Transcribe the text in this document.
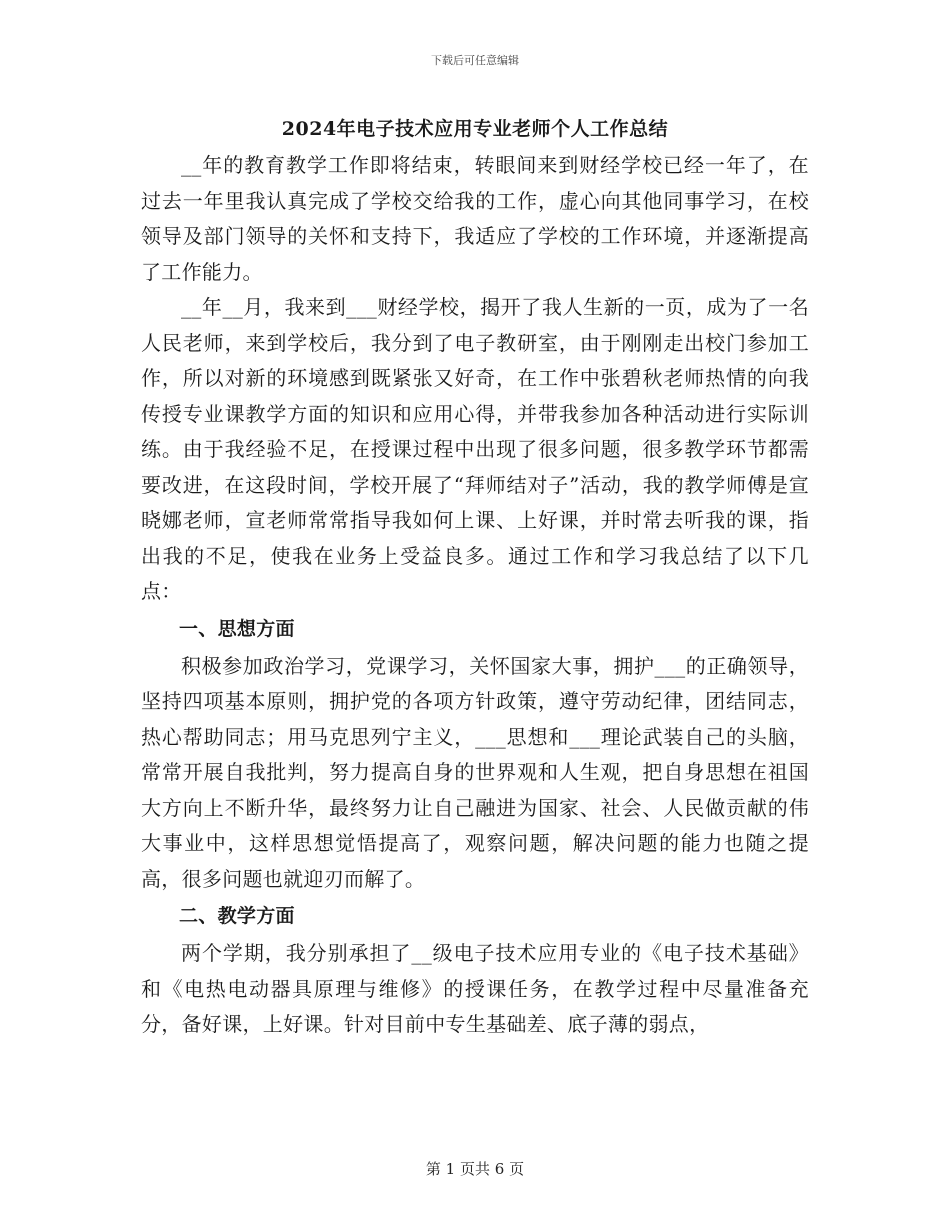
下载后可任意编辑
2024年电子技术应用专业老师个人工作总结

__年的教育教学工作即将结束，转眼间来到财经学校已经一年了，在过去一年里我认真完成了学校交给我的工作，虚心向其他同事学习，在校领导及部门领导的关怀和支持下，我适应了学校的工作环境，并逐渐提高了工作能力。

__年__月，我来到___财经学校，揭开了我人生新的一页，成为了一名人民老师，来到学校后，我分到了电子教研室，由于刚刚走出校门参加工作，所以对新的环境感到既紧张又好奇，在工作中张碧秋老师热情的向我传授专业课教学方面的知识和应用心得，并带我参加各种活动进行实际训练。由于我经验不足，在授课过程中出现了很多问题，很多教学环节都需要改进，在这段时间，学校开展了“拜师结对子”活动，我的教学师傅是宣晓娜老师，宣老师常常指导我如何上课、上好课，并时常去听我的课，指出我的不足，使我在业务上受益良多。通过工作和学习我总结了以下几点：

一、思想方面

积极参加政治学习，党课学习，关怀国家大事，拥护___的正确领导，坚持四项基本原则，拥护党的各项方针政策，遵守劳动纪律，团结同志，热心帮助同志；用马克思列宁主义，___思想和___理论武装自己的头脑，常常开展自我批判，努力提高自身的世界观和人生观，把自身思想在祖国大方向上不断升华，最终努力让自己融进为国家、社会、人民做贡献的伟大事业中，这样思想觉悟提高了，观察问题，解决问题的能力也随之提高，很多问题也就迎刃而解了。

二、教学方面

两个学期，我分别承担了__级电子技术应用专业的《电子技术基础》和《电热电动器具原理与维修》的授课任务，在教学过程中尽量准备充分，备好课，上好课。针对目前中专生基础差、底子薄的弱点，

第 1 页共 6 页
